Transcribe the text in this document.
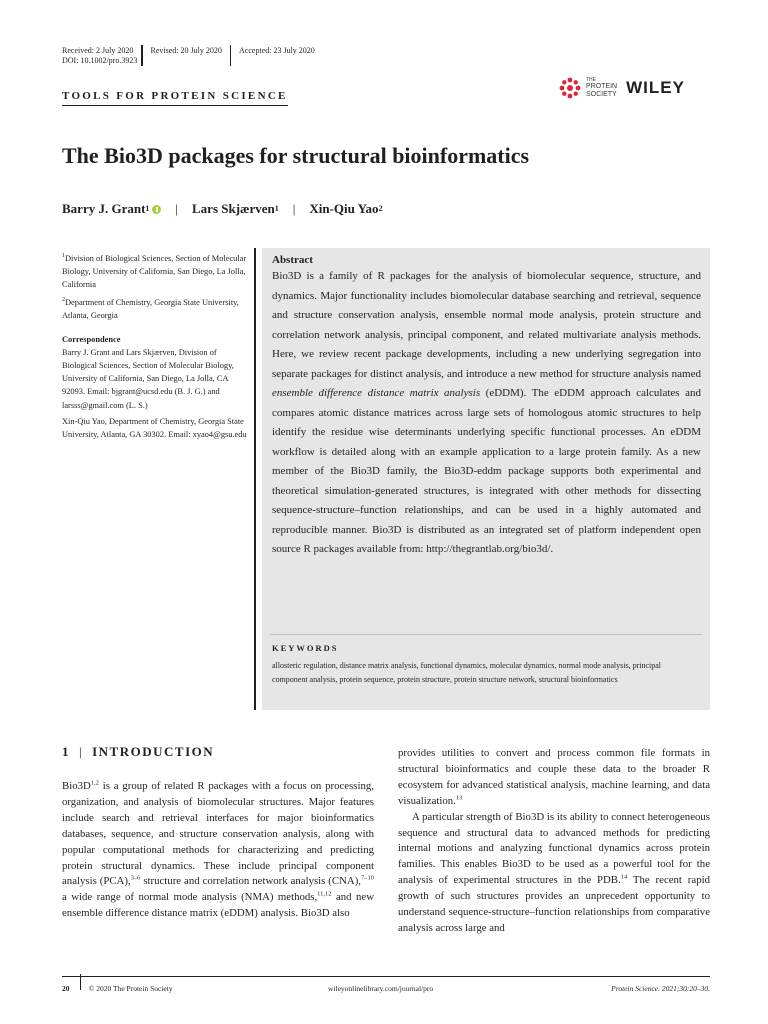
Received: 2 July 2020 Revised: 20 July 2020 Accepted: 23 July 2020
DOI: 10.1002/pro.3923
TOOLS FOR PROTEIN SCIENCE
THE
PROTEIN
SOCIETY WILEY
The Bio3D packages for structural bioinformatics
Barry J. Grant$^1$ | Lars Skjærven$^1$ | Xin-Qiu Yao$^2$

$^1$Division of Biological Sciences, Section of Molecular Biology, University of California, San Diego, La Jolla, California

$^2$Department of Chemistry, Georgia State University, Atlanta, Georgia

Correspondence

Barry J. Grant and Lars Skjærven, Division of Biological Sciences, Section of Molecular Biology, University of California, San Diego, La Jolla, CA 92093. Email: bjgrant@ucsd.edu (B. J. G.) and larsss@gmail.com (L. S.)

Xin-Qiu Yao, Department of Chemistry, Georgia State University, Atlanta, GA 30302. Email: xyao4@gsu.edu

Abstract

Bio3D is a family of R packages for the analysis of biomolecular sequence, structure, and dynamics. Major functionality includes biomolecular database searching and retrieval, sequence and structure conservation analysis, ensemble normal mode analysis, protein structure and correlation network analysis, principal component, and related multivariate analysis methods. Here, we review recent package developments, including a new underlying segregation into separate packages for distinct analysis, and introduce a new method for structure analysis named ensemble difference distance matrix analysis (eDDM). The eDDM approach calculates and compares atomic distance matrices across large sets of homologous atomic structures to help identify the residue wise determinants underlying specific functional processes. An eDDM workflow is detailed along with an example application to a large protein family. As a new member of the Bio3D family, the Bio3D-eddm package supports both experimental and theoretical simulation-generated structures, is integrated with other methods for dissecting sequence-structure–function relationships, and can be used in a highly automated and reproducible manner. Bio3D is distributed as an integrated set of platform independent open source R packages available from: http://thegrantlab.org/bio3d/.

KEYWORDS
allosteric regulation, distance matrix analysis, functional dynamics, molecular dynamics, normal mode analysis, principal component analysis, protein sequence, protein structure, protein structure network, structural bioinformatics
1 | INTRODUCTION

$Bio3D^{1,2}$ is a group of related R packages with a focus on processing, organization, and analysis of biomolecular structures. Major features include search and retrieval interfaces for major bioinformatics databases, sequence, and structure conservation analysis, along with popular computational methods for characterizing and predicting protein structural dynamics. These include principal component analysis (PCA),$^{3-6}$ structure and correlation network analysis (CNA),$^{7-10}$ a wide range of normal mode analysis (NMA) methods,$^{11,12}$ and new ensemble difference distance matrix (eDDM) analysis. Bio3D also

provides utilities to convert and process common file formats in structural bioinformatics and couple these data to the broader R ecosystem for advanced statistical analysis, machine learning, and data visualization.$^{13}$

A particular strength of Bio3D is its ability to connect heterogeneous sequence and structural data to advanced methods for predicting internal motions and analyzing functional dynamics across protein families. This enables Bio3D to be used as a powerful tool for the analysis of experimental structures in the PDB.$^{14}$ The recent rapid growth of such structures provides an unprecedent opportunity to understand sequence-structure–function relationships from comparative analysis across large and

20	© 2020 The Protein Society	wileyonlinelibrary.com/journal/pro	Protein Science. 2021;30:20–30.
